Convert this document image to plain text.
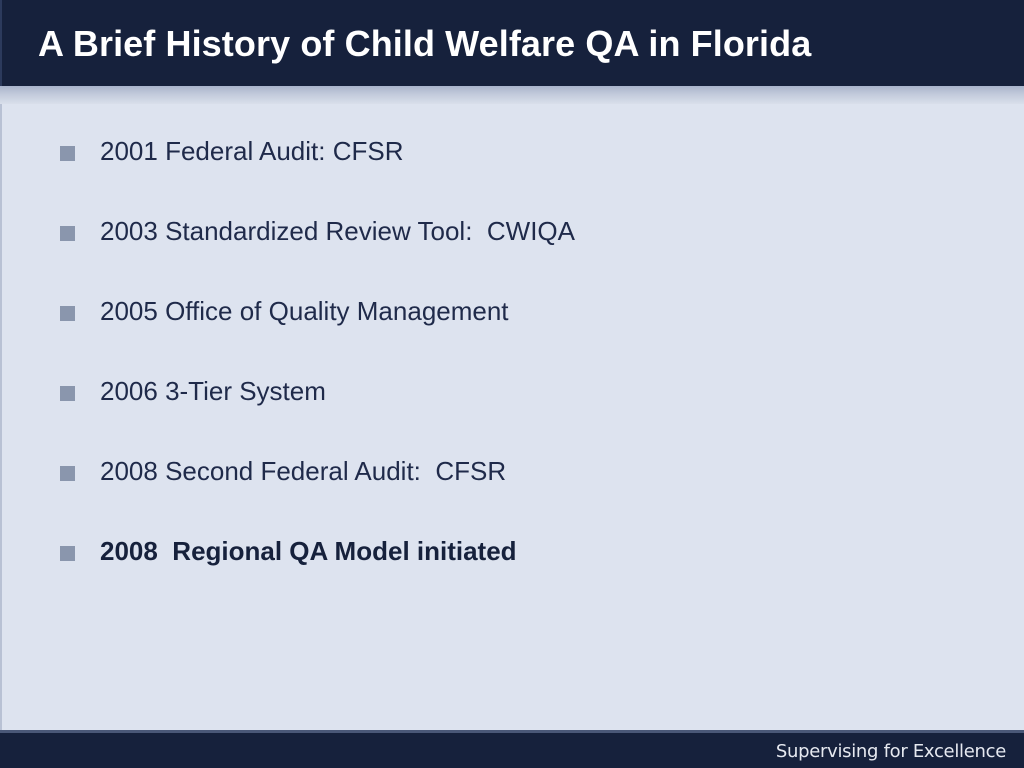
A Brief History of Child Welfare QA in Florida
2001 Federal Audit: CFSR
2003 Standardized Review Tool:  CWIQA
2005 Office of Quality Management
2006 3-Tier System
2008 Second Federal Audit:  CFSR
2008  Regional QA Model initiated
Supervising for Excellence
